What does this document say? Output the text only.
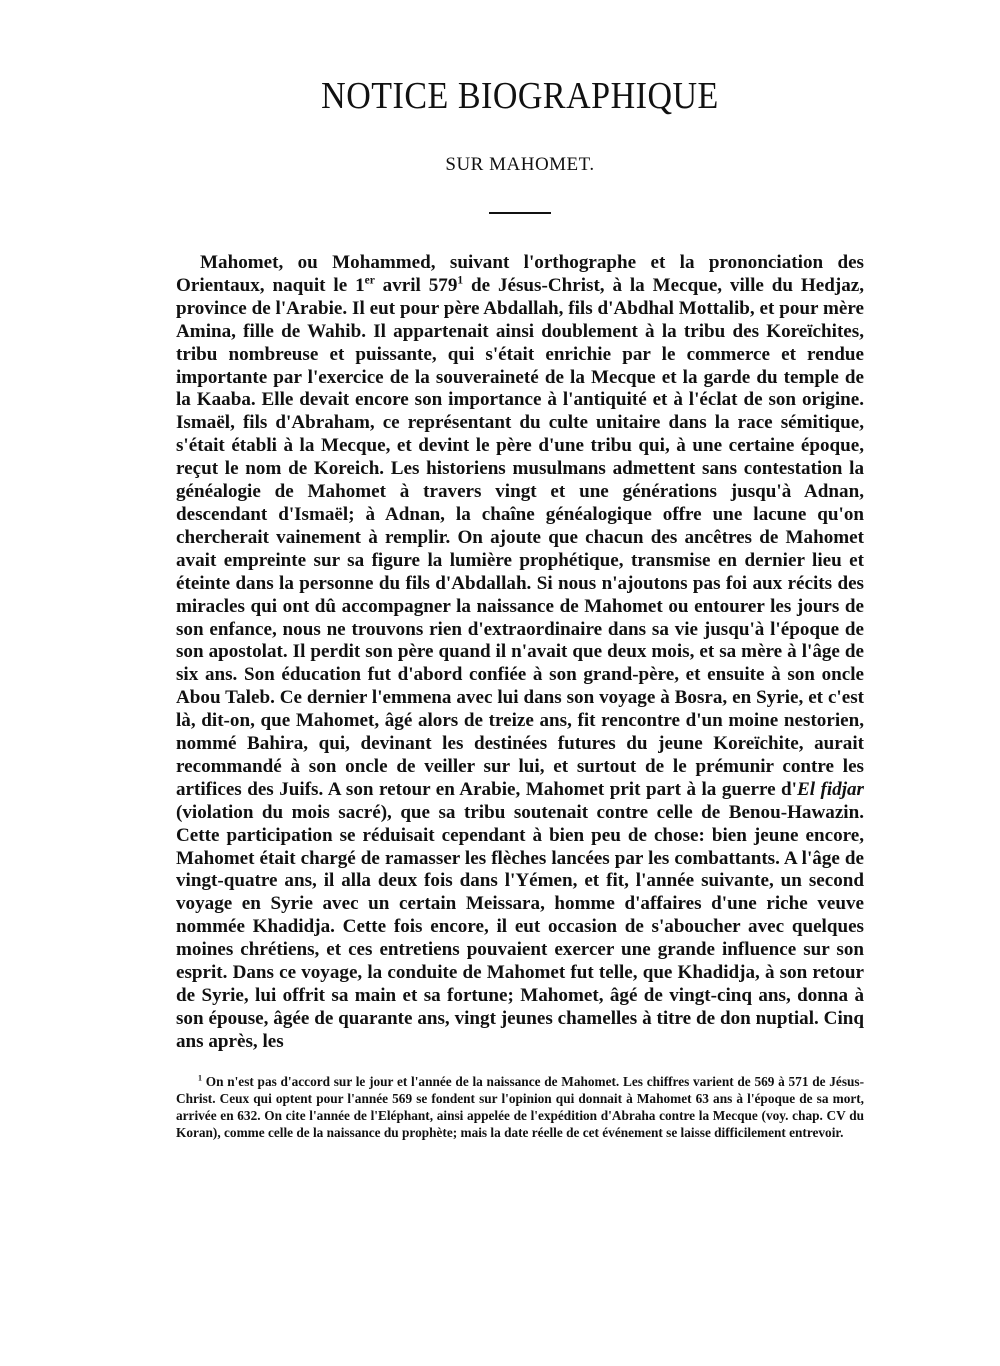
NOTICE BIOGRAPHIQUE
SUR MAHOMET.

Mahomet, ou Mohammed, suivant l'orthographe et la prononciation des Orientaux, naquit le 1er avril $579^1$ de Jésus-Christ, à la Mecque, ville du Hedjaz, province de l'Arabie. Il eut pour père Abdallah, fils d'Abdhal Mottalib, et pour mère Amina, fille de Wahib. Il appartenait ainsi doublement à la tribu des Koreïchites, tribu nombreuse et puissante, qui s'était enrichie par le commerce et rendue importante par l'exercice de la souveraineté de la Mecque et la garde du temple de la Kaaba. Elle devait encore son importance à l'antiquité et à l'éclat de son origine. Ismaël, fils d'Abraham, ce représentant du culte unitaire dans la race sémitique, s'était établi à la Mecque, et devint le père d'une tribu qui, à une certaine époque, reçut le nom de Koreich. Les historiens musulmans admettent sans contestation la généalogie de Mahomet à travers vingt et une générations jusqu'à Adnan, descendant d'Ismaël; à Adnan, la chaîne généalogique offre une lacune qu'on chercherait vainement à remplir. On ajoute que chacun des ancêtres de Mahomet avait empreinte sur sa figure la lumière prophétique, transmise en dernier lieu et éteinte dans la personne du fils d'Abdallah. Si nous n'ajoutons pas foi aux récits des miracles qui ont dû accompagner la naissance de Mahomet ou entourer les jours de son enfance, nous ne trouvons rien d'extraordinaire dans sa vie jusqu'à l'époque de son apostolat. Il perdit son père quand il n'avait que deux mois, et sa mère à l'âge de six ans. Son éducation fut d'abord confiée à son grand-père, et ensuite à son oncle Abou Taleb. Ce dernier l'emmena avec lui dans son voyage à Bosra, en Syrie, et c'est là, dit-on, que Mahomet, âgé alors de treize ans, fit rencontre d'un moine nestorien, nommé Bahira, qui, devinant les destinées futures du jeune Koreïchite, aurait recommandé à son oncle de veiller sur lui, et surtout de le prémunir contre les artifices des Juifs. A son retour en Arabie, Mahomet prit part à la guerre d'El fidjar (violation du mois sacré), que sa tribu soutenait contre celle de Benou-Hawazin. Cette participation se réduisait cependant à bien peu de chose: bien jeune encore, Mahomet était chargé de ramasser les flèches lancées par les combattants. A l'âge de vingt-quatre ans, il alla deux fois dans l'Yémen, et fit, l'année suivante, un second voyage en Syrie avec un certain Meissara, homme d'affaires d'une riche veuve nommée Khadidja. Cette fois encore, il eut occasion de s'aboucher avec quelques moines chrétiens, et ces entretiens pouvaient exercer une grande influence sur son esprit. Dans ce voyage, la conduite de Mahomet fut telle, que Khadidja, à son retour de Syrie, lui offrit sa main et sa fortune; Mahomet, âgé de vingt-cinq ans, donna à son épouse, âgée de quarante ans, vingt jeunes chamelles à titre de don nuptial. Cinq ans après, les

$^1$ On n'est pas d'accord sur le jour et l'année de la naissance de Mahomet. Les chiffres varient de 569 à 571 de Jésus-Christ. Ceux qui optent pour l'année 569 se fondent sur l'opinion qui donnait à Mahomet 63 ans à l'époque de sa mort, arrivée en 632. On cite l'année de l'Eléphant, ainsi appelée de l'expédition d'Abraha contre la Mecque (voy. chap. CV du Koran), comme celle de la naissance du prophète; mais la date réelle de cet événement se laisse difficilement entrevoir.
